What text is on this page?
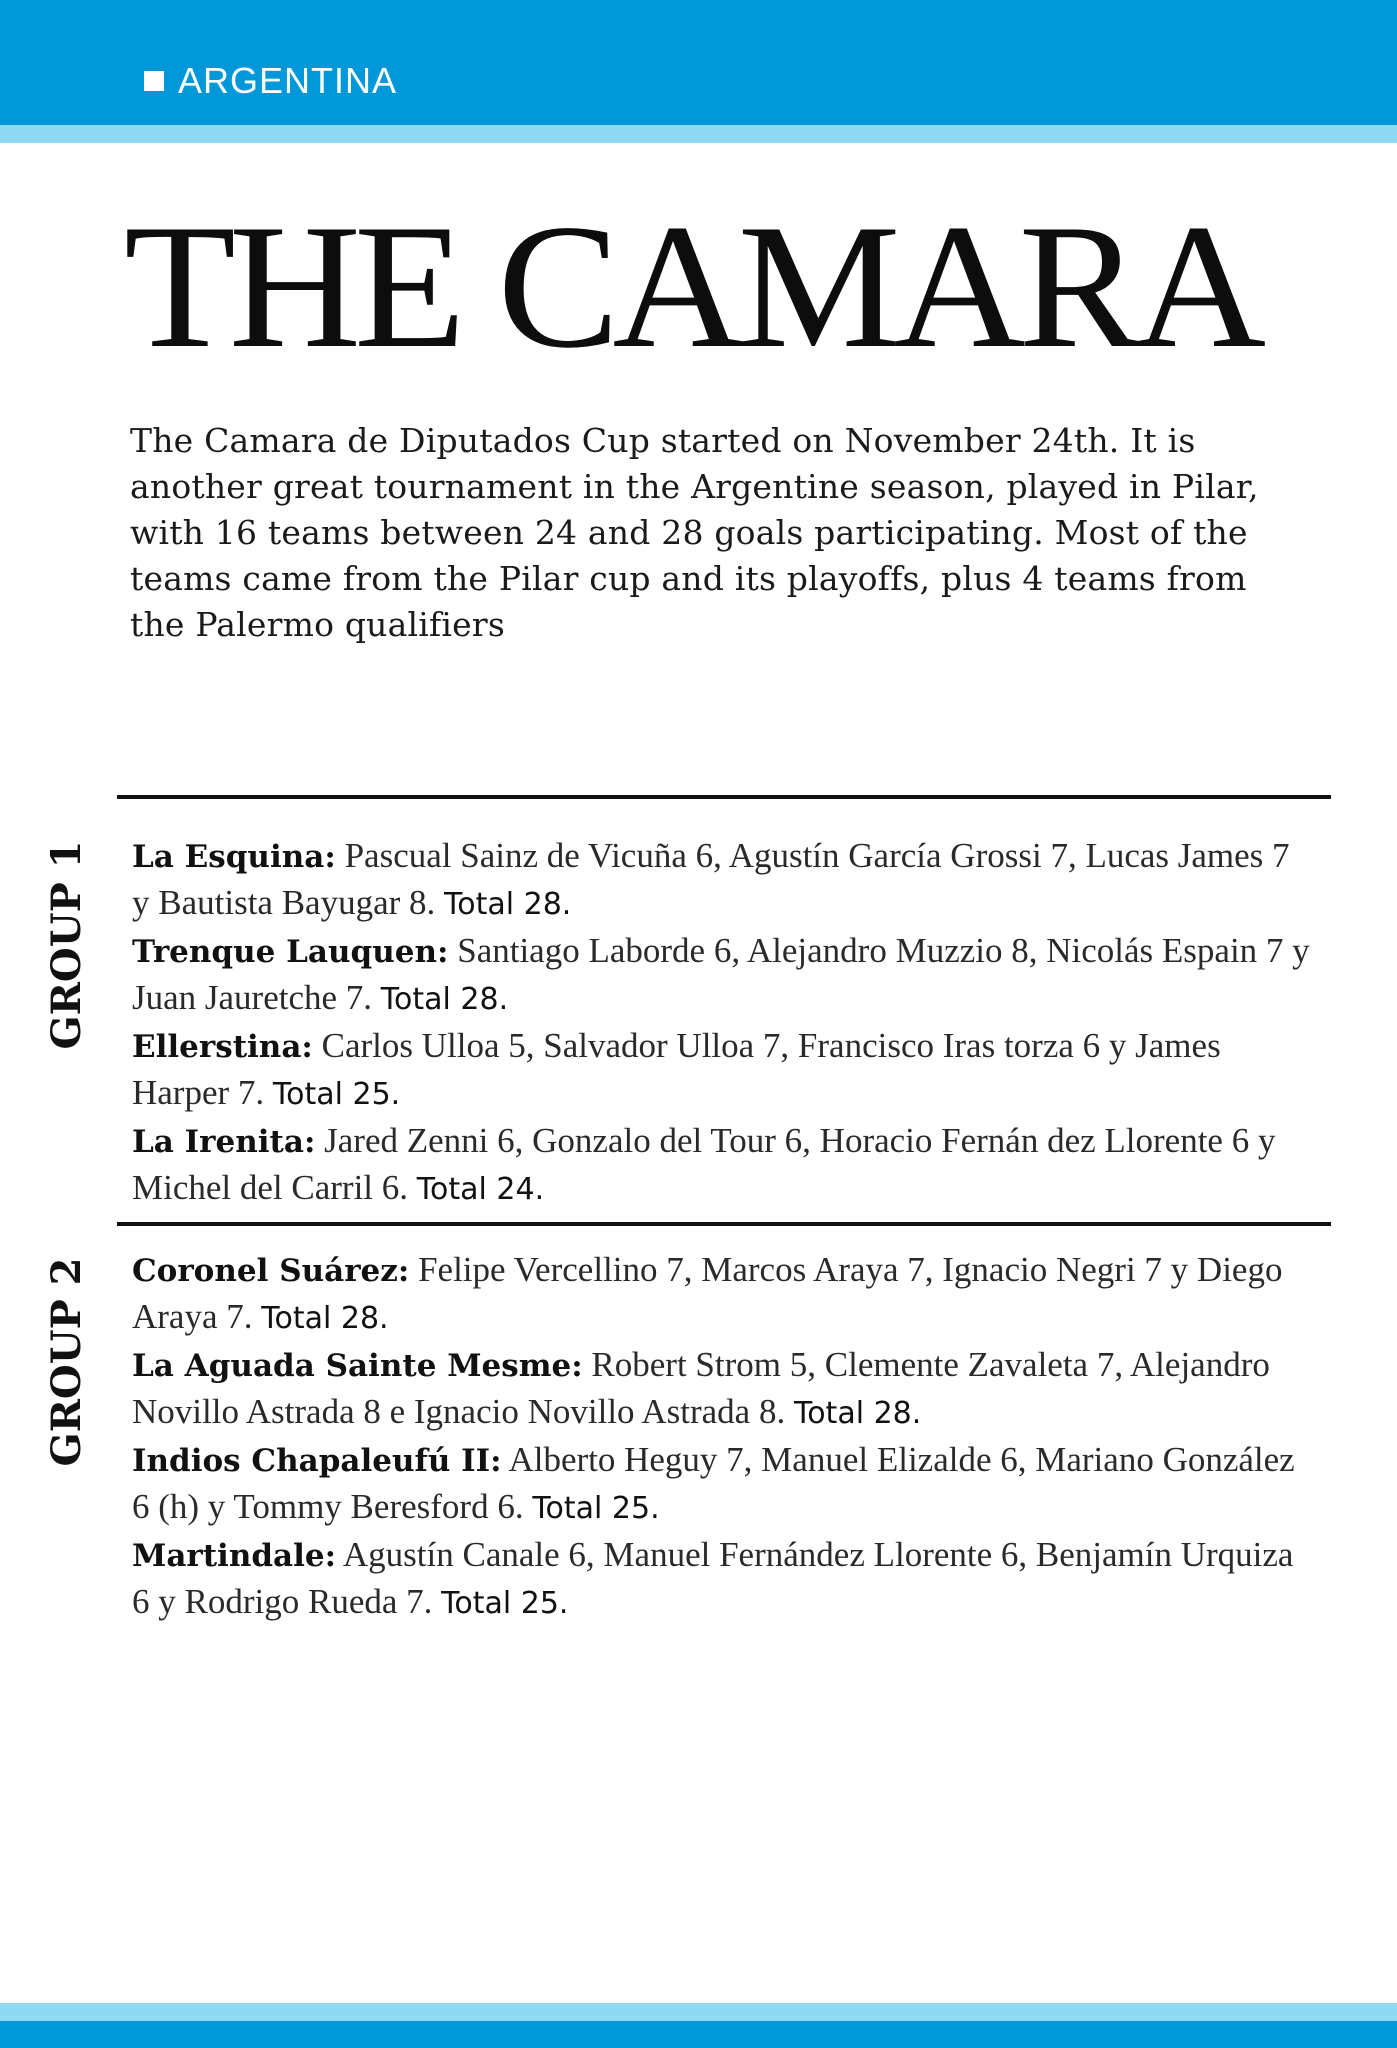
ARGENTINA
THE CAMARA

The Camara de Diputados Cup started on November 24th. It is another great tournament in the Argentine season, played in Pilar, with 16 teams between 24 and 28 goals participating. Most of the teams came from the Pilar cup and its playoffs, plus 4 teams from the Palermo qualifiers

GROUP 1 La Esquina: Pascual Sainz de Vicuña 6, Agustín García Grossi 7, Lucas James 7 y Bautista Bayugar 8. Total 28.

Trenque Lauquen: Santiago Laborde 6, Alejandro Muzzio 8, Nicolás Espain 7 y Juan Jauretche 7. Total 28.

Ellerstina: Carlos Ulloa 5, Salvador Ulloa 7, Francisco Iras torza 6 y James Harper 7. Total 25.

La Irenita: Jared Zenni 6, Gonzalo del Tour 6, Horacio Fernán dez Llorente 6 y Michel del Carril 6. Total 24.

GROUP 2 Coronel Suárez: Felipe Vercellino 7, Marcos Araya 7, Ignacio Negri 7 y Diego Araya 7. Total 28.

La Aguada Sainte Mesme: Robert Strom 5, Clemente Zavaleta 7, Alejandro Novillo Astrada 8 e Ignacio Novillo Astrada 8. Total 28.

Indios Chapaleufú II: Alberto Heguy 7, Manuel Elizalde 6, Mariano González 6 (h) y Tommy Beresford 6. Total 25.

Martindale: Agustín Canale 6, Manuel Fernández Llorente 6, Benjamín Urquiza 6 y Rodrigo Rueda 7. Total 25.
